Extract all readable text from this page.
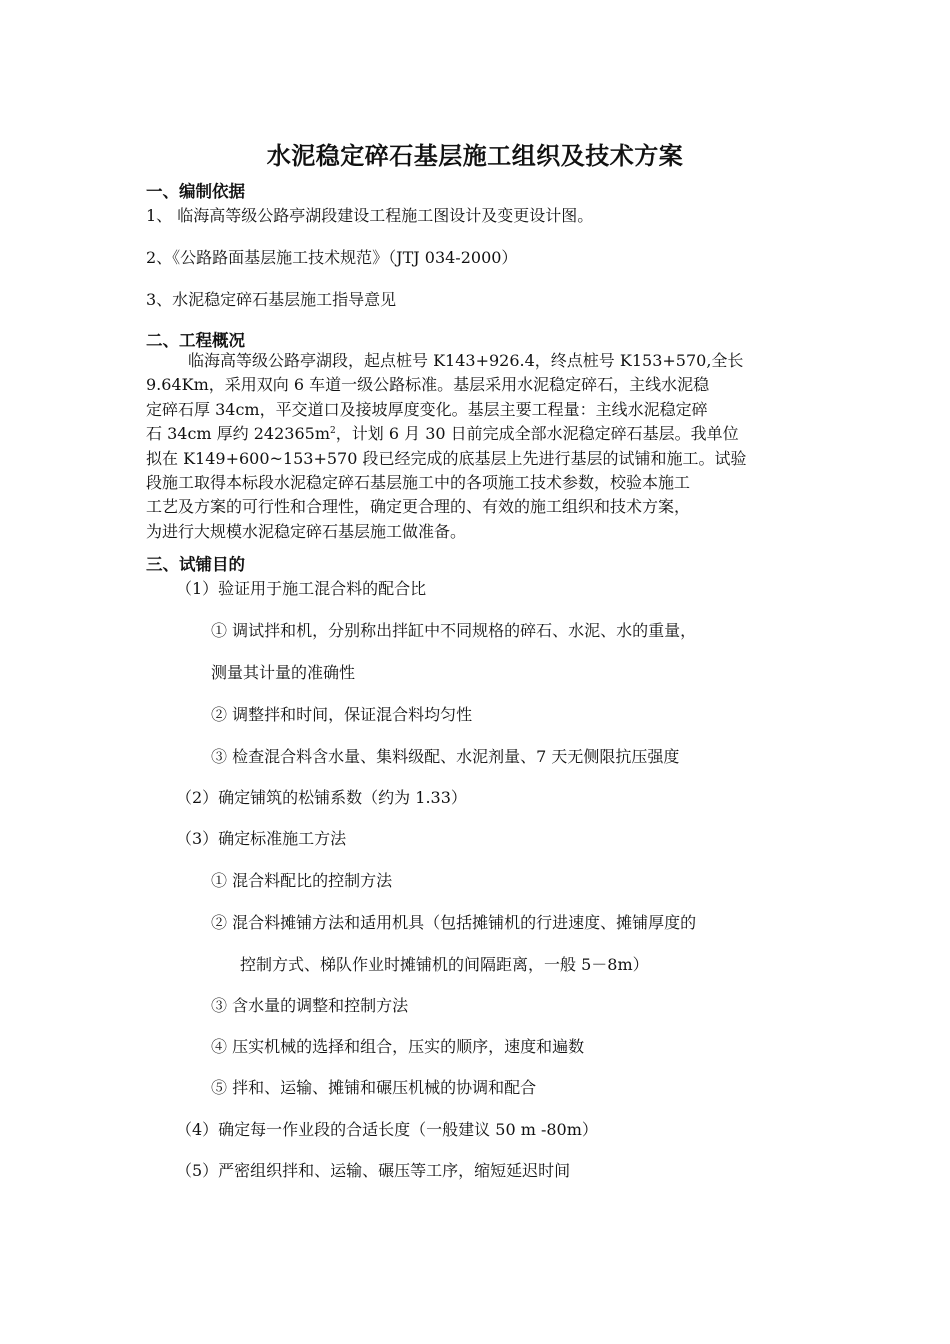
水泥稳定碎石基层施工组织及技术方案
一、编制依据
1、 临海高等级公路亭湖段建设工程施工图设计及变更设计图。
2、《公路路面基层施工技术规范》（JTJ 034-2000）
3、水泥稳定碎石基层施工指导意见
二、工程概况
临海高等级公路亭湖段，起点桩号 K143+926.4，终点桩号 K153+570,全长
9.64Km，采用双向 6 车道一级公路标准。基层采用水泥稳定碎石，主线水泥稳
定碎石厚 34cm，平交道口及接坡厚度变化。基层主要工程量：主线水泥稳定碎
石 34cm 厚约 $242365m^2$，计划 6 月 30 日前完成全部水泥稳定碎石基层。我单位
拟在 K149+600~153+570 段已经完成的底基层上先进行基层的试铺和施工。试验
段施工取得本标段水泥稳定碎石基层施工中的各项施工技术参数，校验本施工
工艺及方案的可行性和合理性，确定更合理的、有效的施工组织和技术方案，
为进行大规模水泥稳定碎石基层施工做准备。
三、试铺目的
（1）验证用于施工混合料的配合比
① 调试拌和机，分别称出拌缸中不同规格的碎石、水泥、水的重量，
测量其计量的准确性
② 调整拌和时间，保证混合料均匀性
③ 检查混合料含水量、集料级配、水泥剂量、7 天无侧限抗压强度
（2）确定铺筑的松铺系数（约为 1.33）
（3）确定标准施工方法
① 混合料配比的控制方法
② 混合料摊铺方法和适用机具（包括摊铺机的行进速度、摊铺厚度的
控制方式、梯队作业时摊铺机的间隔距离，一般 5－8m）
③ 含水量的调整和控制方法
④ 压实机械的选择和组合，压实的顺序，速度和遍数
⑤ 拌和、运输、摊铺和碾压机械的协调和配合
（4）确定每一作业段的合适长度（一般建议 50 m -80m）
（5）严密组织拌和、运输、碾压等工序，缩短延迟时间
